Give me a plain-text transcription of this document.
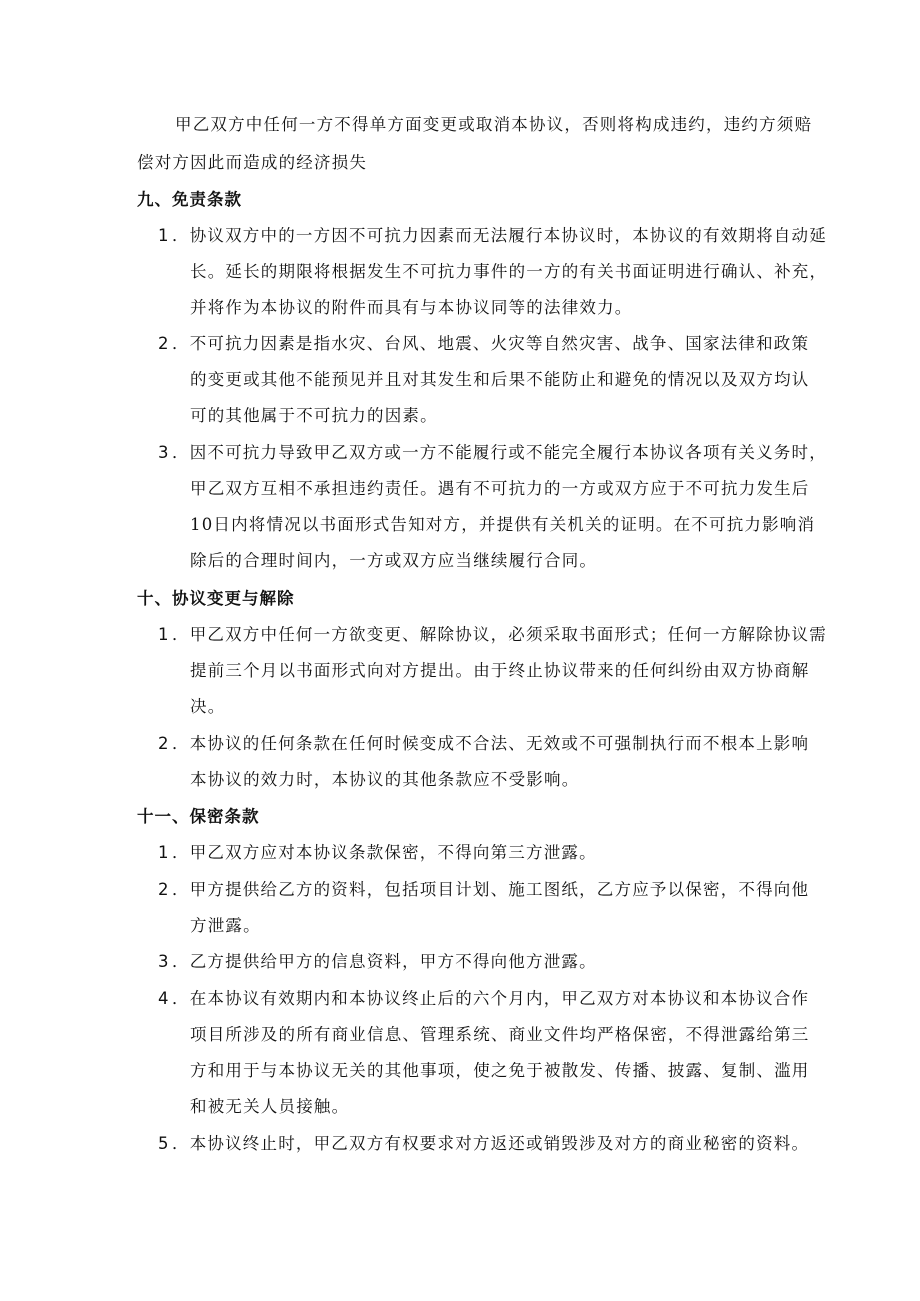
甲乙双方中任何一方不得单方面变更或取消本协议，否则将构成违约，违约方须赔
偿对方因此而造成的经济损失
九、免责条款
1 ．协议双方中的一方因不可抗力因素而无法履行本协议时，本协议的有效期将自动延
长。延长的期限将根据发生不可抗力事件的一方的有关书面证明进行确认、补充，
并将作为本协议的附件而具有与本协议同等的法律效力。
2 ．不可抗力因素是指水灾、台风、地震、火灾等自然灾害、战争、国家法律和政策
的变更或其他不能预见并且对其发生和后果不能防止和避免的情况以及双方均认
可的其他属于不可抗力的因素。
3 ．因不可抗力导致甲乙双方或一方不能履行或不能完全履行本协议各项有关义务时，
甲乙双方互相不承担违约责任。遇有不可抗力的一方或双方应于不可抗力发生后
10日内将情况以书面形式告知对方，并提供有关机关的证明。在不可抗力影响消
除后的合理时间内，一方或双方应当继续履行合同。
十、协议变更与解除
1 ．甲乙双方中任何一方欲变更、解除协议，必须采取书面形式；任何一方解除协议需
提前三个月以书面形式向对方提出。由于终止协议带来的任何纠纷由双方协商解
决。
2 ．本协议的任何条款在任何时候变成不合法、无效或不可强制执行而不根本上影响
本协议的效力时，本协议的其他条款应不受影响。
十一、保密条款
1 ．甲乙双方应对本协议条款保密，不得向第三方泄露。
2 ．甲方提供给乙方的资料，包括项目计划、施工图纸，乙方应予以保密，不得向他
方泄露。
3 ．乙方提供给甲方的信息资料，甲方不得向他方泄露。
4 ．在本协议有效期内和本协议终止后的六个月内，甲乙双方对本协议和本协议合作
项目所涉及的所有商业信息、管理系统、商业文件均严格保密，不得泄露给第三
方和用于与本协议无关的其他事项，使之免于被散发、传播、披露、复制、滥用
和被无关人员接触。
5 ．本协议终止时，甲乙双方有权要求对方返还或销毁涉及对方的商业秘密的资料。
